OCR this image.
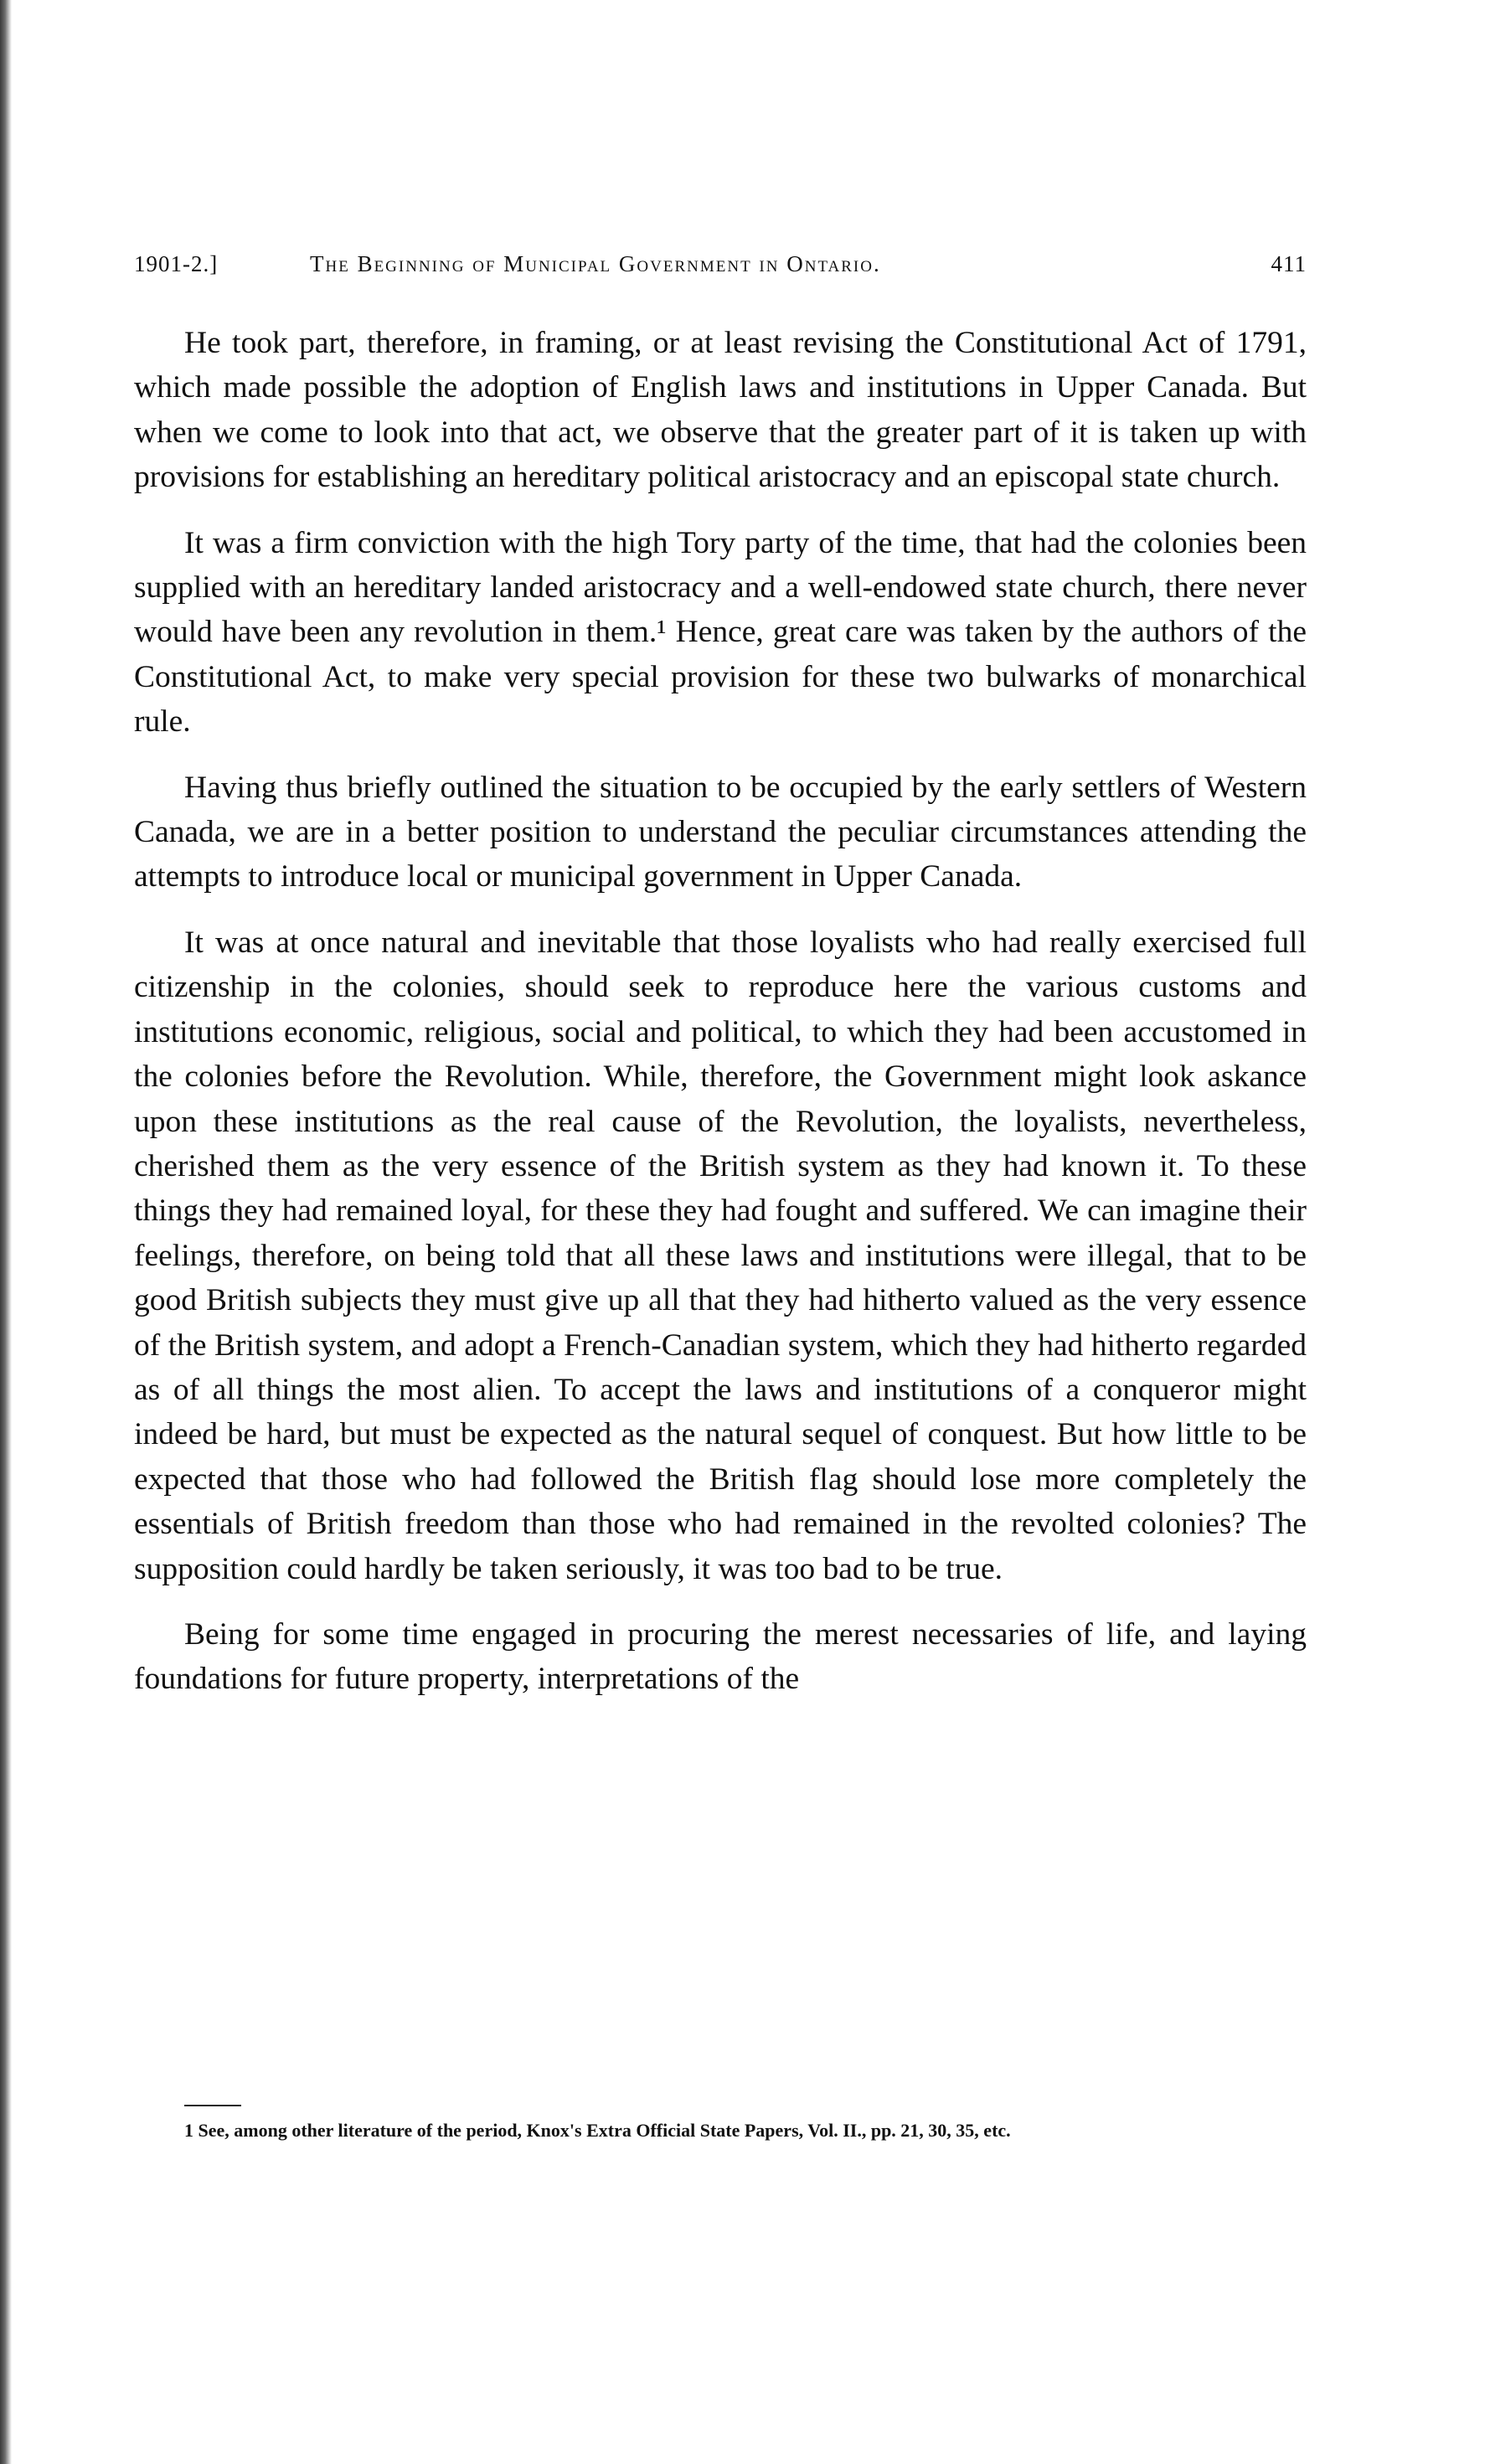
1901-2.]	The Beginning of Municipal Government in Ontario.	411

He took part, therefore, in framing, or at least revising the Constitutional Act of 1791, which made possible the adoption of English laws and institutions in Upper Canada. But when we come to look into that act, we observe that the greater part of it is taken up with provisions for establishing an hereditary political aristocracy and an episcopal state church.

It was a firm conviction with the high Tory party of the time, that had the colonies been supplied with an hereditary landed aristocracy and a well-endowed state church, there never would have been any revolution in them.¹ Hence, great care was taken by the authors of the Constitutional Act, to make very special provision for these two bulwarks of monarchical rule.

Having thus briefly outlined the situation to be occupied by the early settlers of Western Canada, we are in a better position to understand the peculiar circumstances attending the attempts to introduce local or municipal government in Upper Canada.

It was at once natural and inevitable that those loyalists who had really exercised full citizenship in the colonies, should seek to reproduce here the various customs and institutions economic, religious, social and political, to which they had been accustomed in the colonies before the Revolution. While, therefore, the Government might look askance upon these institutions as the real cause of the Revolution, the loyalists, nevertheless, cherished them as the very essence of the British system as they had known it. To these things they had remained loyal, for these they had fought and suffered. We can imagine their feelings, therefore, on being told that all these laws and institutions were illegal, that to be good British subjects they must give up all that they had hitherto valued as the very essence of the British system, and adopt a French-Canadian system, which they had hitherto regarded as of all things the most alien. To accept the laws and institutions of a conqueror might indeed be hard, but must be expected as the natural sequel of conquest. But how little to be expected that those who had followed the British flag should lose more completely the essentials of British freedom than those who had remained in the revolted colonies? The supposition could hardly be taken seriously, it was too bad to be true.

Being for some time engaged in procuring the merest necessaries of life, and laying foundations for future property, interpretations of the

1 See, among other literature of the period, Knox's Extra Official State Papers, Vol. II., pp. 21, 30, 35, etc.
